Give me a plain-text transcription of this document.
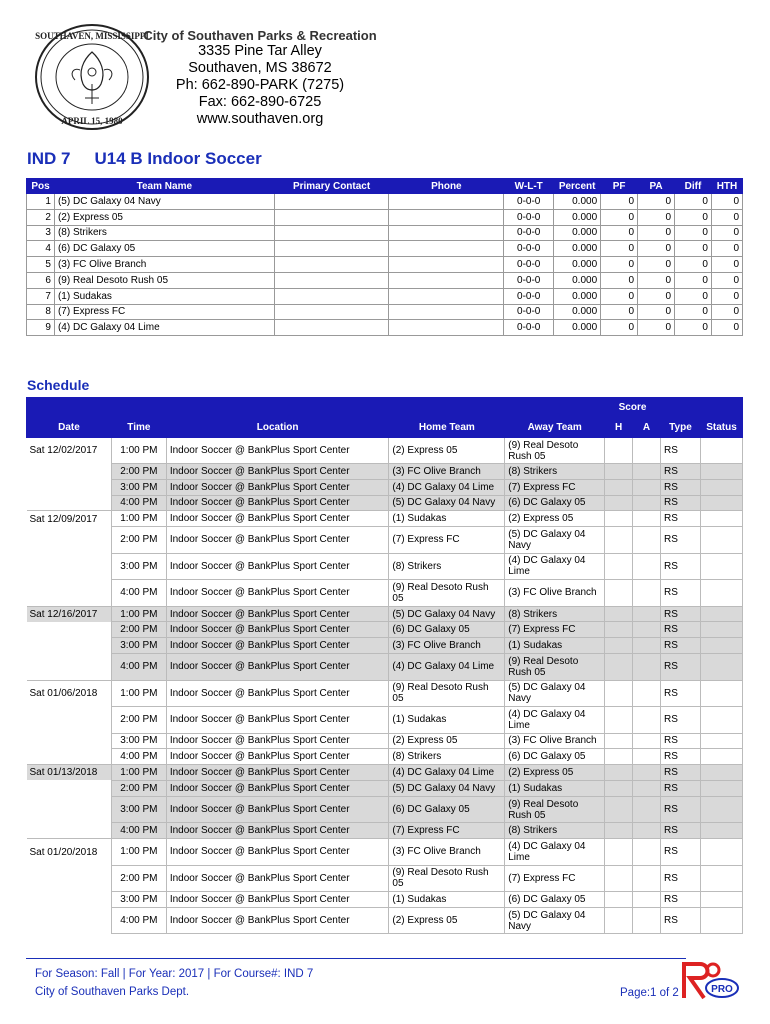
SOUTHAVEN, MISSISSIPPI
APRIL 15, 1980
City of Southaven Parks & Recreation
3335 Pine Tar Alley
Southaven, MS 38672
Ph: 662-890-PARK (7275)
Fax: 662-890-6725
www.southaven.org
IND 7 U14 B Indoor Soccer
Pos	Team Name	Primary Contact	Phone	W-L-T	Percent	PF	PA	Diff	HTH
1	(5) DC Galaxy 04 Navy			0-0-0	0.000	0	0	0	0
2	(2) Express 05			0-0-0	0.000	0	0	0	0
3	(8) Strikers			0-0-0	0.000	0	0	0	0
4	(6) DC Galaxy 05			0-0-0	0.000	0	0	0	0
5	(3) FC Olive Branch			0-0-0	0.000	0	0	0	0
6	(9) Real Desoto Rush 05			0-0-0	0.000	0	0	0	0
7	(1) Sudakas			0-0-0	0.000	0	0	0	0
8	(7) Express FC			0-0-0	0.000	0	0	0	0
9	(4) DC Galaxy 04 Lime			0-0-0	0.000	0	0	0	0
Schedule
					Score			
Date	Time	Location	Home Team	Away Team	H	A	Type	Status
Sat 12/02/2017	1:00 PM	Indoor Soccer @ BankPlus Sport Center	(2) Express 05	(9) Real Desoto Rush 05			RS	
	2:00 PM	Indoor Soccer @ BankPlus Sport Center	(3) FC Olive Branch	(8) Strikers			RS	
	3:00 PM	Indoor Soccer @ BankPlus Sport Center	(4) DC Galaxy 04 Lime	(7) Express FC			RS	
	4:00 PM	Indoor Soccer @ BankPlus Sport Center	(5) DC Galaxy 04 Navy	(6) DC Galaxy 05			RS	
Sat 12/09/2017	1:00 PM	Indoor Soccer @ BankPlus Sport Center	(1) Sudakas	(2) Express 05			RS	
	2:00 PM	Indoor Soccer @ BankPlus Sport Center	(7) Express FC	(5) DC Galaxy 04 Navy			RS	
	3:00 PM	Indoor Soccer @ BankPlus Sport Center	(8) Strikers	(4) DC Galaxy 04 Lime			RS	
	4:00 PM	Indoor Soccer @ BankPlus Sport Center	(9) Real Desoto Rush 05	(3) FC Olive Branch			RS	
Sat 12/16/2017	1:00 PM	Indoor Soccer @ BankPlus Sport Center	(5) DC Galaxy 04 Navy	(8) Strikers			RS	
	2:00 PM	Indoor Soccer @ BankPlus Sport Center	(6) DC Galaxy 05	(7) Express FC			RS	
	3:00 PM	Indoor Soccer @ BankPlus Sport Center	(3) FC Olive Branch	(1) Sudakas			RS	
	4:00 PM	Indoor Soccer @ BankPlus Sport Center	(4) DC Galaxy 04 Lime	(9) Real Desoto Rush 05			RS	
Sat 01/06/2018	1:00 PM	Indoor Soccer @ BankPlus Sport Center	(9) Real Desoto Rush 05	(5) DC Galaxy 04 Navy			RS	
	2:00 PM	Indoor Soccer @ BankPlus Sport Center	(1) Sudakas	(4) DC Galaxy 04 Lime			RS	
	3:00 PM	Indoor Soccer @ BankPlus Sport Center	(2) Express 05	(3) FC Olive Branch			RS	
	4:00 PM	Indoor Soccer @ BankPlus Sport Center	(8) Strikers	(6) DC Galaxy 05			RS	
Sat 01/13/2018	1:00 PM	Indoor Soccer @ BankPlus Sport Center	(4) DC Galaxy 04 Lime	(2) Express 05			RS	
	2:00 PM	Indoor Soccer @ BankPlus Sport Center	(5) DC Galaxy 04 Navy	(1) Sudakas			RS	
	3:00 PM	Indoor Soccer @ BankPlus Sport Center	(6) DC Galaxy 05	(9) Real Desoto Rush 05			RS	
	4:00 PM	Indoor Soccer @ BankPlus Sport Center	(7) Express FC	(8) Strikers			RS	
Sat 01/20/2018	1:00 PM	Indoor Soccer @ BankPlus Sport Center	(3) FC Olive Branch	(4) DC Galaxy 04 Lime			RS	
	2:00 PM	Indoor Soccer @ BankPlus Sport Center	(9) Real Desoto Rush 05	(7) Express FC			RS	
	3:00 PM	Indoor Soccer @ BankPlus Sport Center	(1) Sudakas	(6) DC Galaxy 05			RS	
	4:00 PM	Indoor Soccer @ BankPlus Sport Center	(2) Express 05	(5) DC Galaxy 04 Navy			RS	
For Season: Fall | For Year: 2017 | For Course#: IND 7
City of Southaven Parks Dept.	Page:1 of 2	PRO
